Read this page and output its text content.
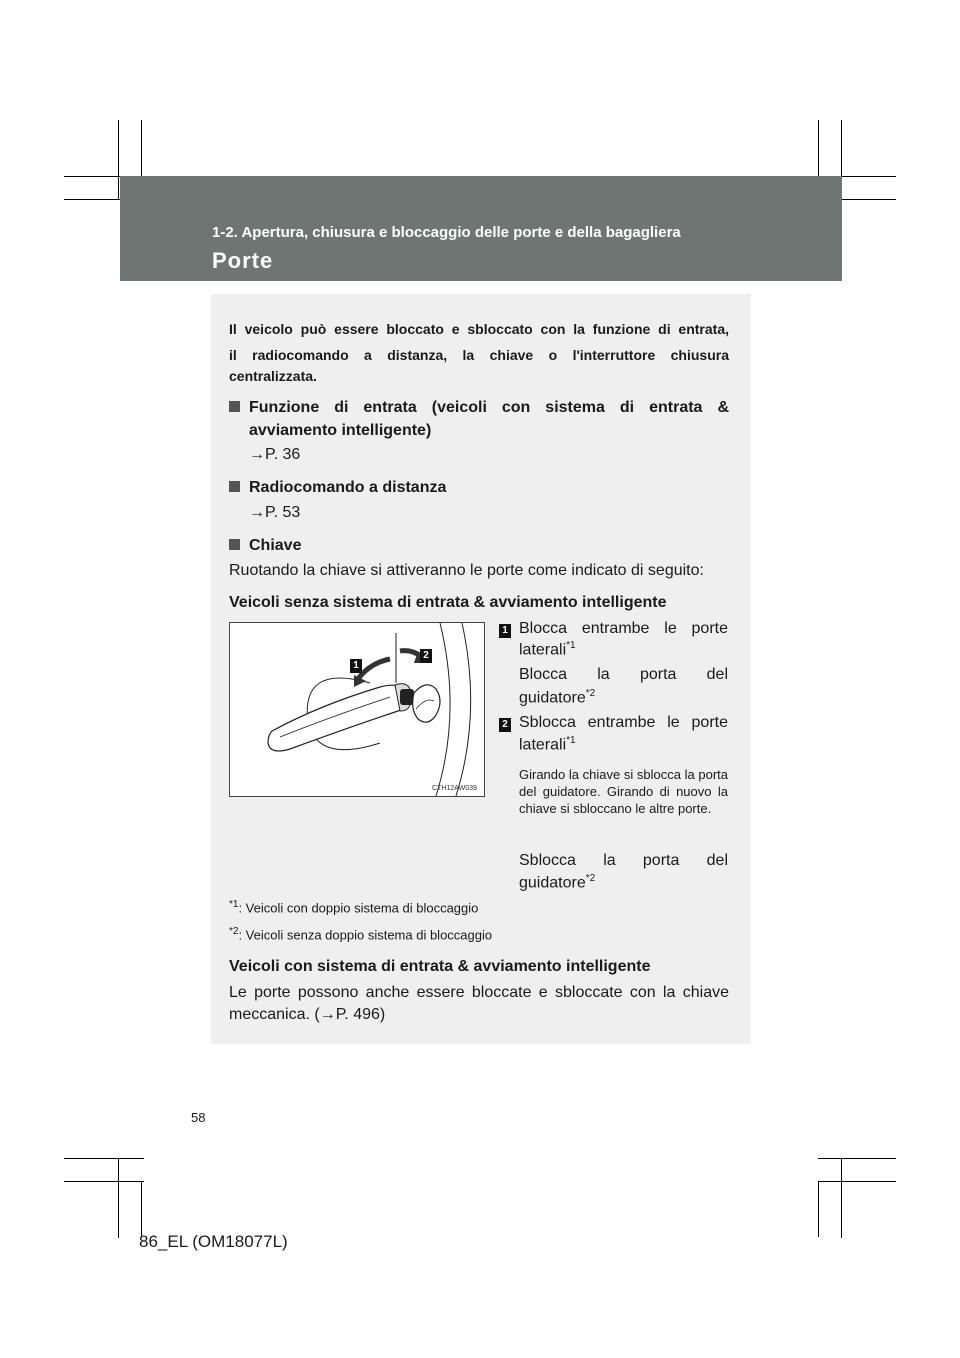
1-2. Apertura, chiusura e bloccaggio delle porte e della bagagliera
Porte
Il veicolo può essere bloccato e sbloccato con la funzione di entrata,
il radiocomando a distanza, la chiave o l'interruttore chiusura
centralizzata.
Funzione di entrata (veicoli con sistema di entrata &
avviamento intelligente)
→P. 36
Radiocomando a distanza
→P. 53
Chiave
Ruotando la chiave si attiveranno le porte come indicato di seguito:
Veicoli senza sistema di entrata & avviamento intelligente
1
2
CTH12AW039
1 Blocca entrambe le porte
laterali$^{*1}$
Blocca la porta del
guidatore$^{*2}$
2 Sblocca entrambe le porte
laterali$^{*1}$
Girando la chiave si sblocca la porta del guidatore. Girando di nuovo la chiave si sbloccano le altre porte.
Sblocca la porta del
guidatore$^{*2}$
$^{*1}$: Veicoli con doppio sistema di bloccaggio
$^{*2}$: Veicoli senza doppio sistema di bloccaggio
Veicoli con sistema di entrata & avviamento intelligente
Le porte possono anche essere bloccate e sbloccate con la chiave
meccanica. (→P. 496)
58
86_EL (OM18077L)
